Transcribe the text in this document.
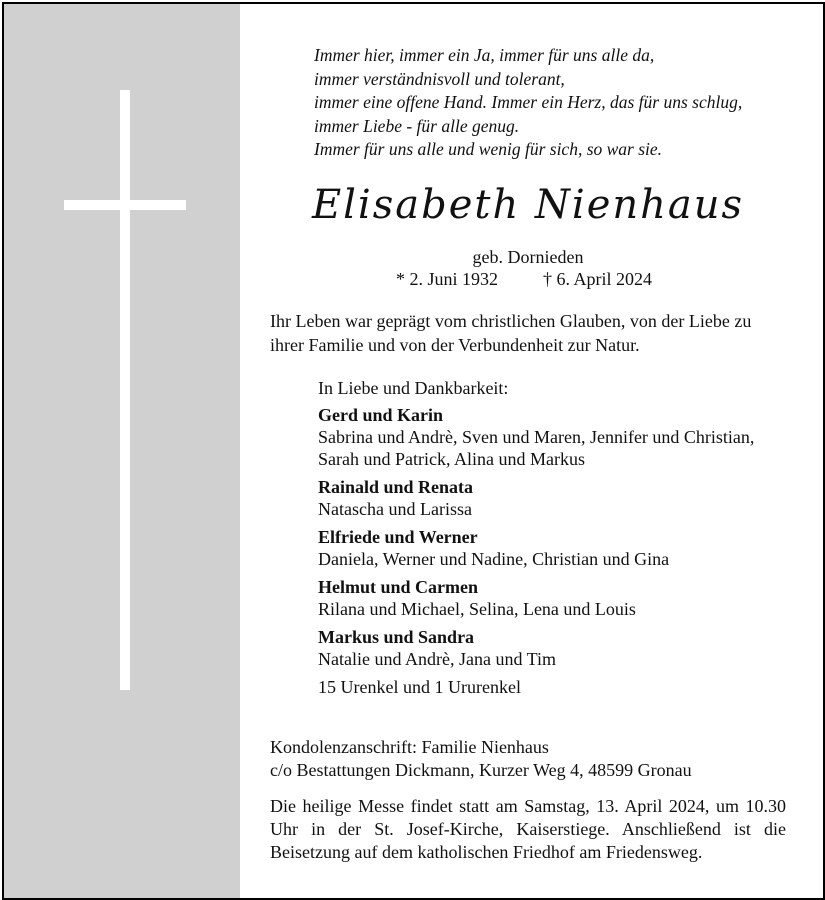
Immer hier, immer ein Ja, immer für uns alle da,
immer verständnisvoll und tolerant,
immer eine offene Hand. Immer ein Herz, das für uns schlug,
immer Liebe - für alle genug.
Immer für uns alle und wenig für sich, so war sie.
Elisabeth Nienhaus
geb. Dornieden
* 2. Juni 1932 † 6. April 2024
Ihr Leben war geprägt vom christlichen Glauben, von der Liebe zu ihrer Familie und von der Verbundenheit zur Natur.
In Liebe und Dankbarkeit:
Gerd und Karin
Sabrina und Andrè, Sven und Maren, Jennifer und Christian,
Sarah und Patrick, Alina und Markus
Rainald und Renata
Natascha und Larissa
Elfriede und Werner
Daniela, Werner und Nadine, Christian und Gina
Helmut und Carmen
Rilana und Michael, Selina, Lena und Louis
Markus und Sandra
Natalie und Andrè, Jana und Tim
15 Urenkel und 1 Ururenkel
Kondolenzanschrift: Familie Nienhaus
c/o Bestattungen Dickmann, Kurzer Weg 4, 48599 Gronau
Die heilige Messe findet statt am Samstag, 13. April 2024, um 10.30 Uhr in der St. Josef-Kirche, Kaiserstiege. Anschließend ist die Beisetzung auf dem katholischen Friedhof am Friedensweg.
